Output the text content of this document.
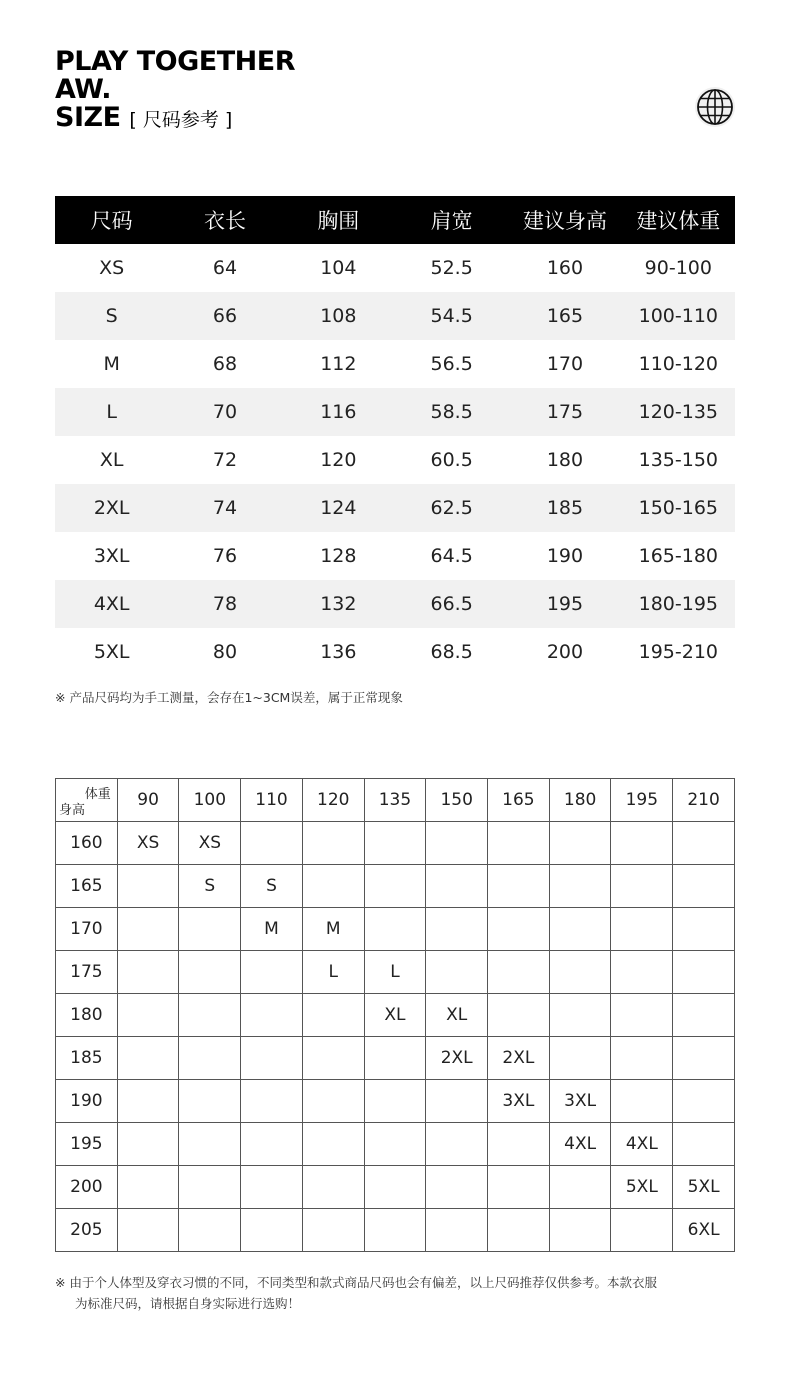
PLAY TOGETHER
AW.
SIZE [ 尺码参考 ]
尺码	衣长	胸围	肩宽	建议身高	建议体重
XS	64	104	52.5	160	90-100
S	66	108	54.5	165	100-110
M	68	112	56.5	170	110-120
L	70	116	58.5	175	120-135
XL	72	120	60.5	180	135-150
2XL	74	124	62.5	185	150-165
3XL	76	128	64.5	190	165-180
4XL	78	132	66.5	195	180-195
5XL	80	136	68.5	200	195-210
※ 产品尺码均为手工测量，会存在1~3CM误差，属于正常现象
体重
身高	90	100	110	120	135	150	165	180	195	210
160	XS	XS								
165		S	S							
170			M	M						
175				L	L					
180					XL	XL				
185						2XL	2XL			
190							3XL	3XL		
195								4XL	4XL	
200									5XL	5XL
205										6XL
※ 由于个人体型及穿衣习惯的不同，不同类型和款式商品尺码也会有偏差，以上尺码推荐仅供参考。本款衣服
为标准尺码，请根据自身实际进行选购！
